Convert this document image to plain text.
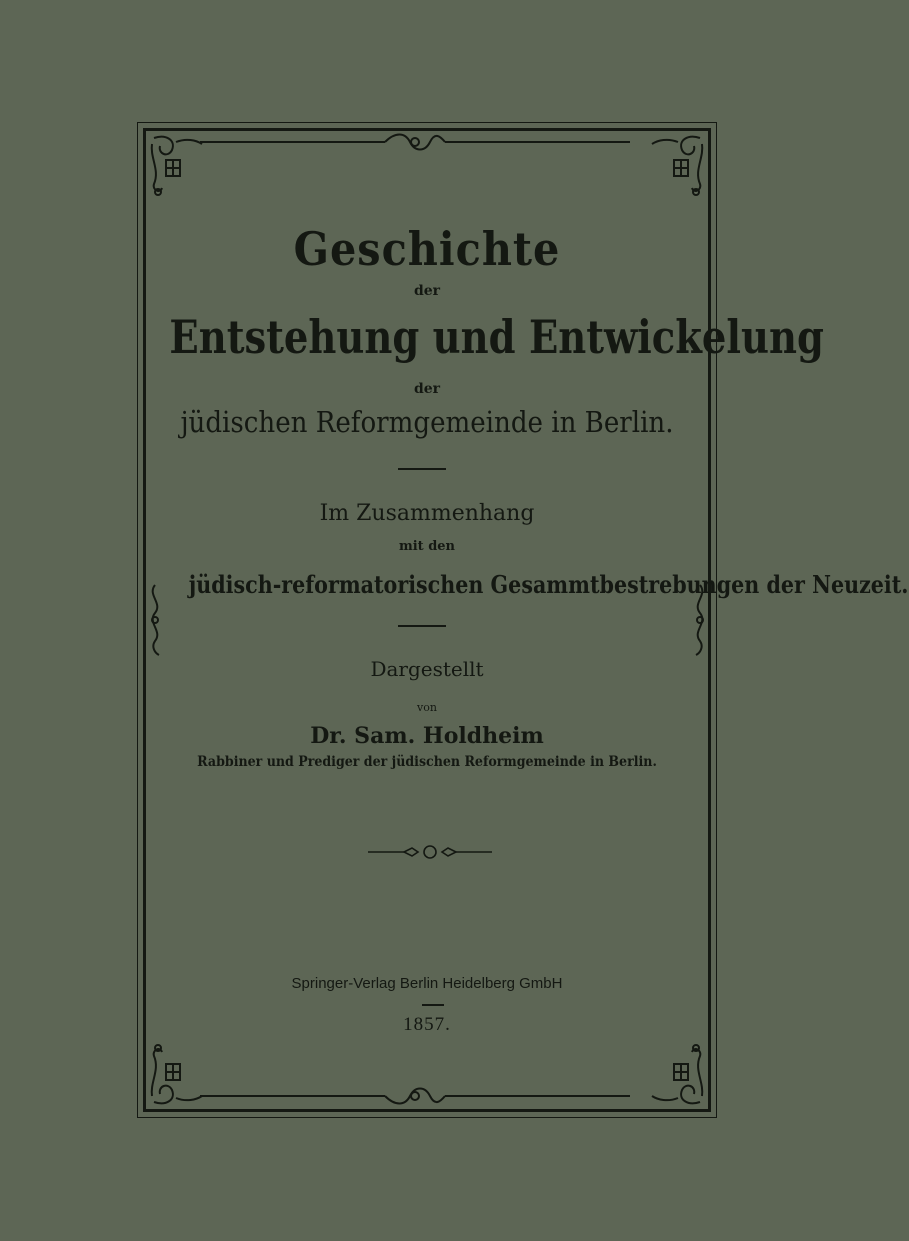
Geschichte
der
Entstehung und Entwickelung
der
jüdischen Reformgemeinde in Berlin.
Im Zusammenhang
mit den
jüdisch-reformatorischen Gesammtbestrebungen der Neuzeit.
Dargestellt
von
Dr. Sam. Holdheim
Rabbiner und Prediger der jüdischen Reformgemeinde in Berlin.
Springer-Verlag Berlin Heidelberg GmbH
1857.
